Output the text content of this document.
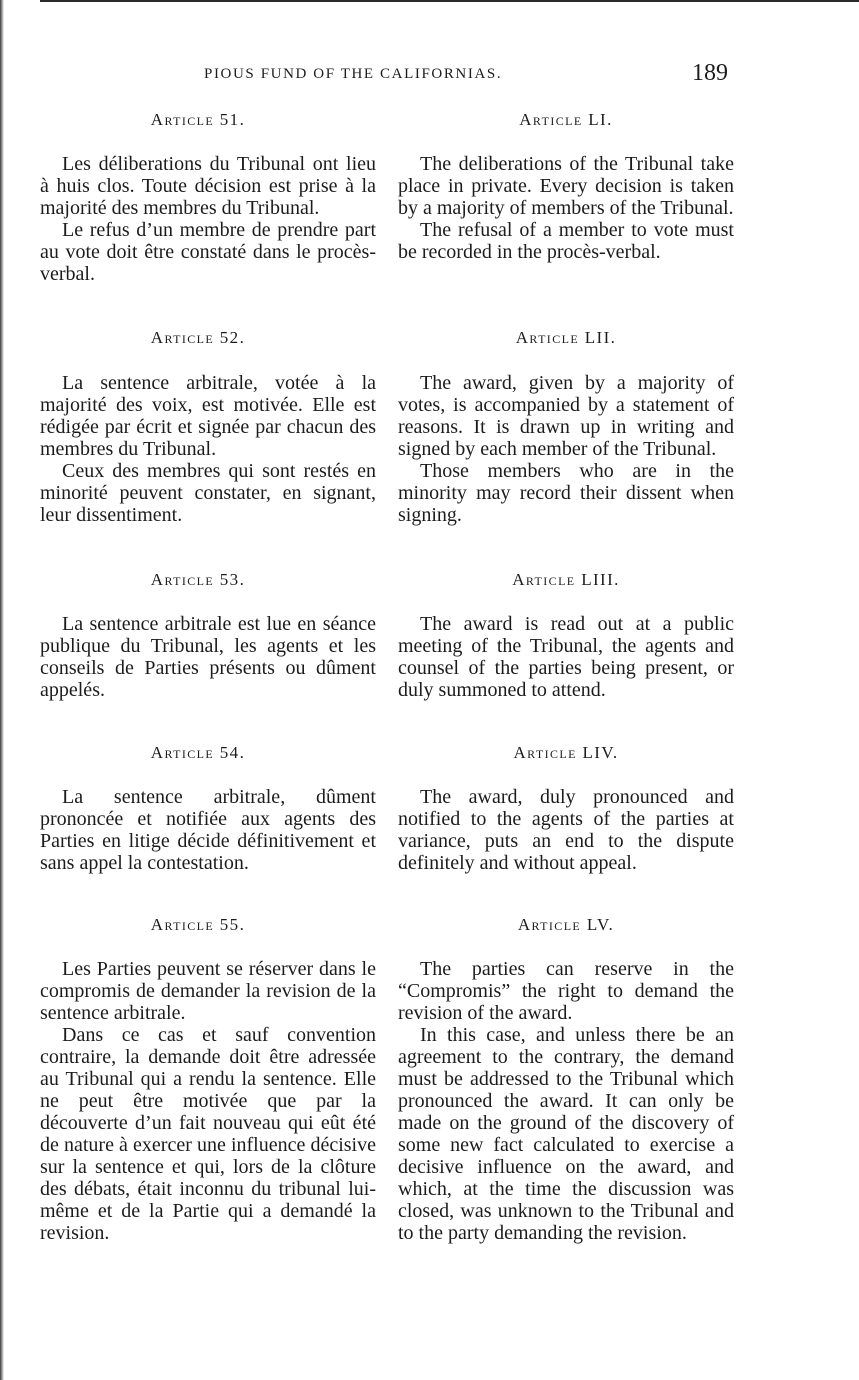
PIOUS FUND OF THE CALIFORNIAS.	189
Article 51.	Article LI.

Les déliberations du Tribunal ont lieu à huis clos. Toute décision est prise à la majorité des membres du Tribunal.

Le refus d’un membre de prendre part au vote doit être constaté dans le procès-verbal.

The deliberations of the Tribunal take place in private. Every decision is taken by a majority of members of the Tribunal.

The refusal of a member to vote must be recorded in the procès-verbal.

Article 52.	Article LII.

La sentence arbitrale, votée à la majorité des voix, est motivée. Elle est rédigée par écrit et signée par chacun des membres du Tribunal.

Ceux des membres qui sont restés en minorité peuvent constater, en signant, leur dissentiment.

The award, given by a majority of votes, is accompanied by a statement of reasons. It is drawn up in writing and signed by each member of the Tribunal.

Those members who are in the minority may record their dissent when signing.

Article 53.	Article LIII.

La sentence arbitrale est lue en séance publique du Tribunal, les agents et les conseils de Parties présents ou dûment appelés.

The award is read out at a public meeting of the Tribunal, the agents and counsel of the parties being present, or duly summoned to attend.

Article 54.	Article LIV.

La sentence arbitrale, dûment prononcée et notifiée aux agents des Parties en litige décide définitivement et sans appel la contestation.

The award, duly pronounced and notified to the agents of the parties at variance, puts an end to the dispute definitely and without appeal.

Article 55.	Article LV.

Les Parties peuvent se réserver dans le compromis de demander la revision de la sentence arbitrale.

Dans ce cas et sauf convention contraire, la demande doit être adressée au Tribunal qui a rendu la sentence. Elle ne peut être motivée que par la découverte d’un fait nouveau qui eût été de nature à exercer une influence décisive sur la sentence et qui, lors de la clôture des débats, était inconnu du tribunal lui-même et de la Partie qui a demandé la revision.

The parties can reserve in the “Compromis” the right to demand the revision of the award.

In this case, and unless there be an agreement to the contrary, the demand must be addressed to the Tribunal which pronounced the award. It can only be made on the ground of the discovery of some new fact calculated to exercise a decisive influence on the award, and which, at the time the discussion was closed, was unknown to the Tribunal and to the party demanding the revision.
